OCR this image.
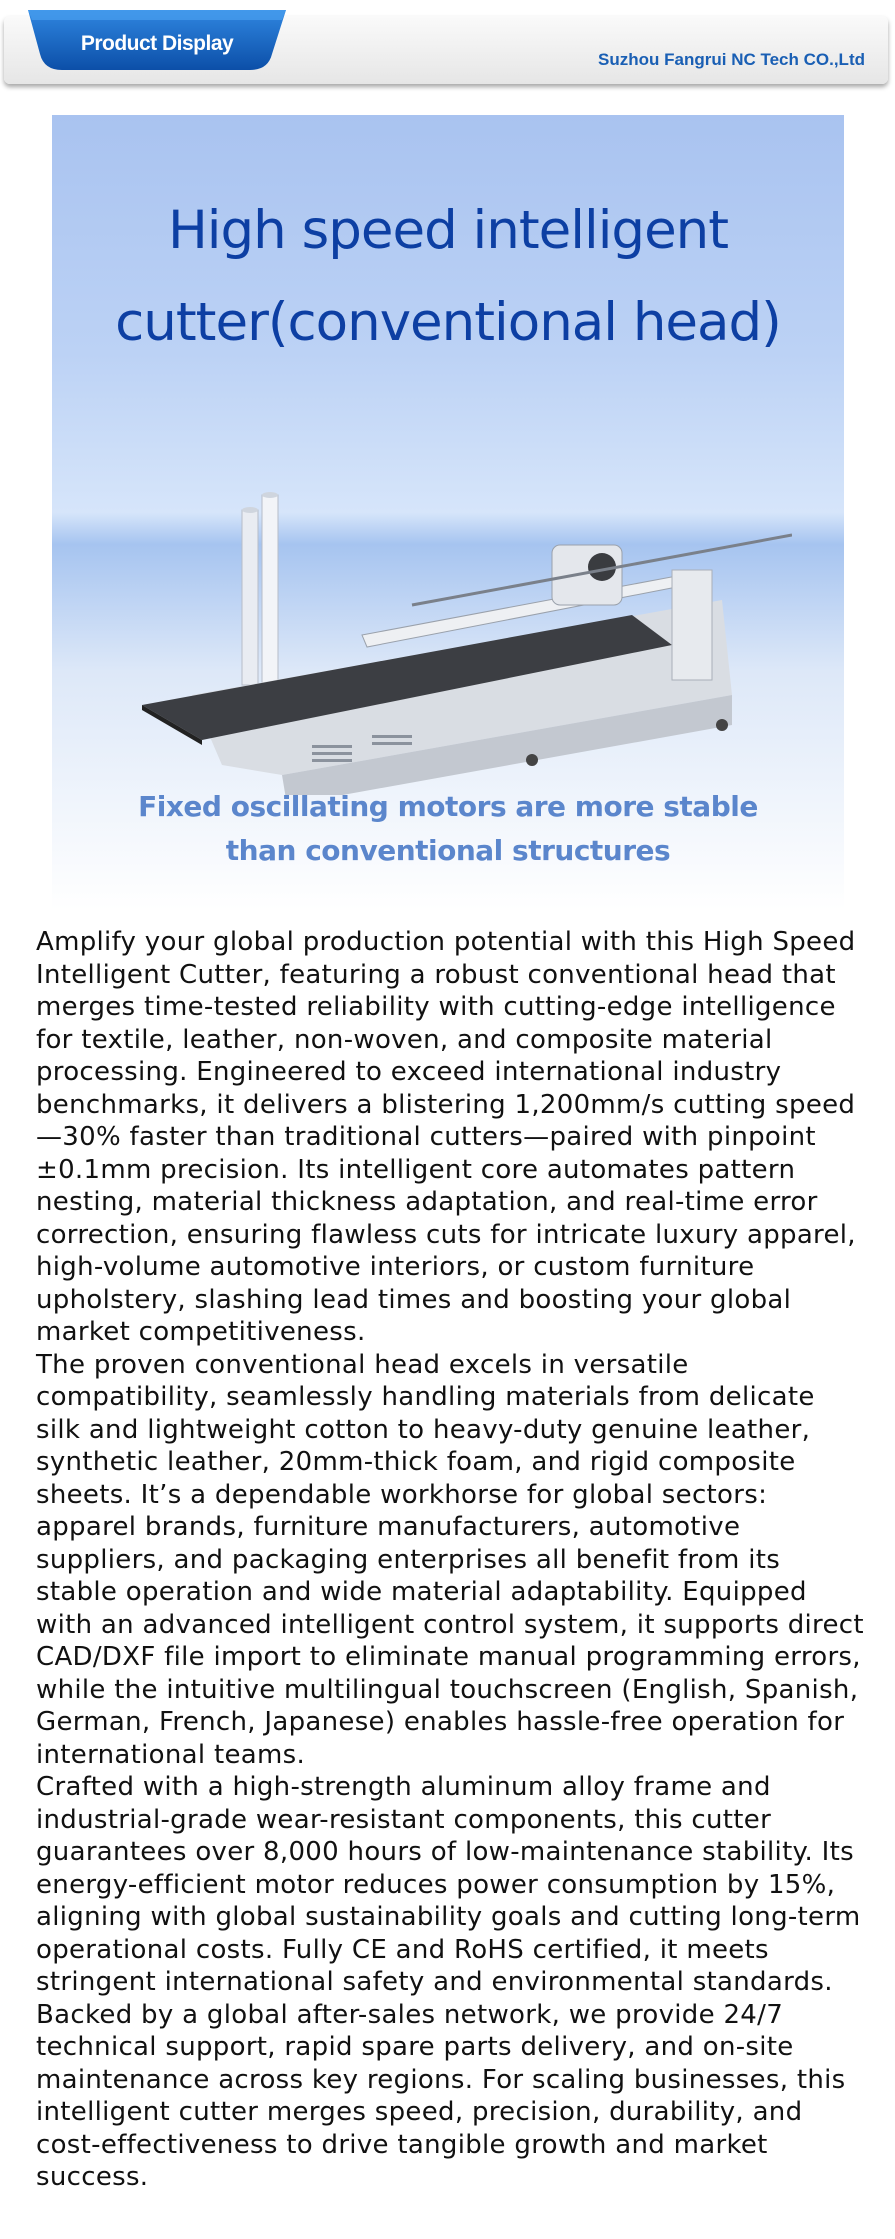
Product Display
Suzhou Fangrui NC Tech CO.,Ltd
High speed intelligent
cutter(conventional head)
Fixed oscillating motors are more stable
than conventional structures

Amplify your global production potential with this High Speed Intelligent Cutter, featuring a robust conventional head that merges time-tested reliability with cutting-edge intelligence for textile, leather, non-woven, and composite material processing. Engineered to exceed international industry benchmarks, it delivers a blistering 1,200mm/s cutting speed—30% faster than traditional cutters—paired with pinpoint ±0.1mm precision. Its intelligent core automates pattern nesting, material thickness adaptation, and real-time error correction, ensuring flawless cuts for intricate luxury apparel, high-volume automotive interiors, or custom furniture upholstery, slashing lead times and boosting your global market competitiveness.

The proven conventional head excels in versatile compatibility, seamlessly handling materials from delicate silk and lightweight cotton to heavy-duty genuine leather, synthetic leather, 20mm-thick foam, and rigid composite sheets. It’s a dependable workhorse for global sectors: apparel brands, furniture manufacturers, automotive suppliers, and packaging enterprises all benefit from its stable operation and wide material adaptability. Equipped with an advanced intelligent control system, it supports direct CAD/DXF file import to eliminate manual programming errors, while the intuitive multilingual touchscreen (English, Spanish, German, French, Japanese) enables hassle-free operation for international teams.

Crafted with a high-strength aluminum alloy frame and industrial-grade wear-resistant components, this cutter guarantees over 8,000 hours of low-maintenance stability. Its energy-efficient motor reduces power consumption by 15%, aligning with global sustainability goals and cutting long-term operational costs. Fully CE and RoHS certified, it meets stringent international safety and environmental standards. Backed by a global after-sales network, we provide 24/7 technical support, rapid spare parts delivery, and on-site maintenance across key regions. For scaling businesses, this intelligent cutter merges speed, precision, durability, and cost-effectiveness to drive tangible growth and market success.
